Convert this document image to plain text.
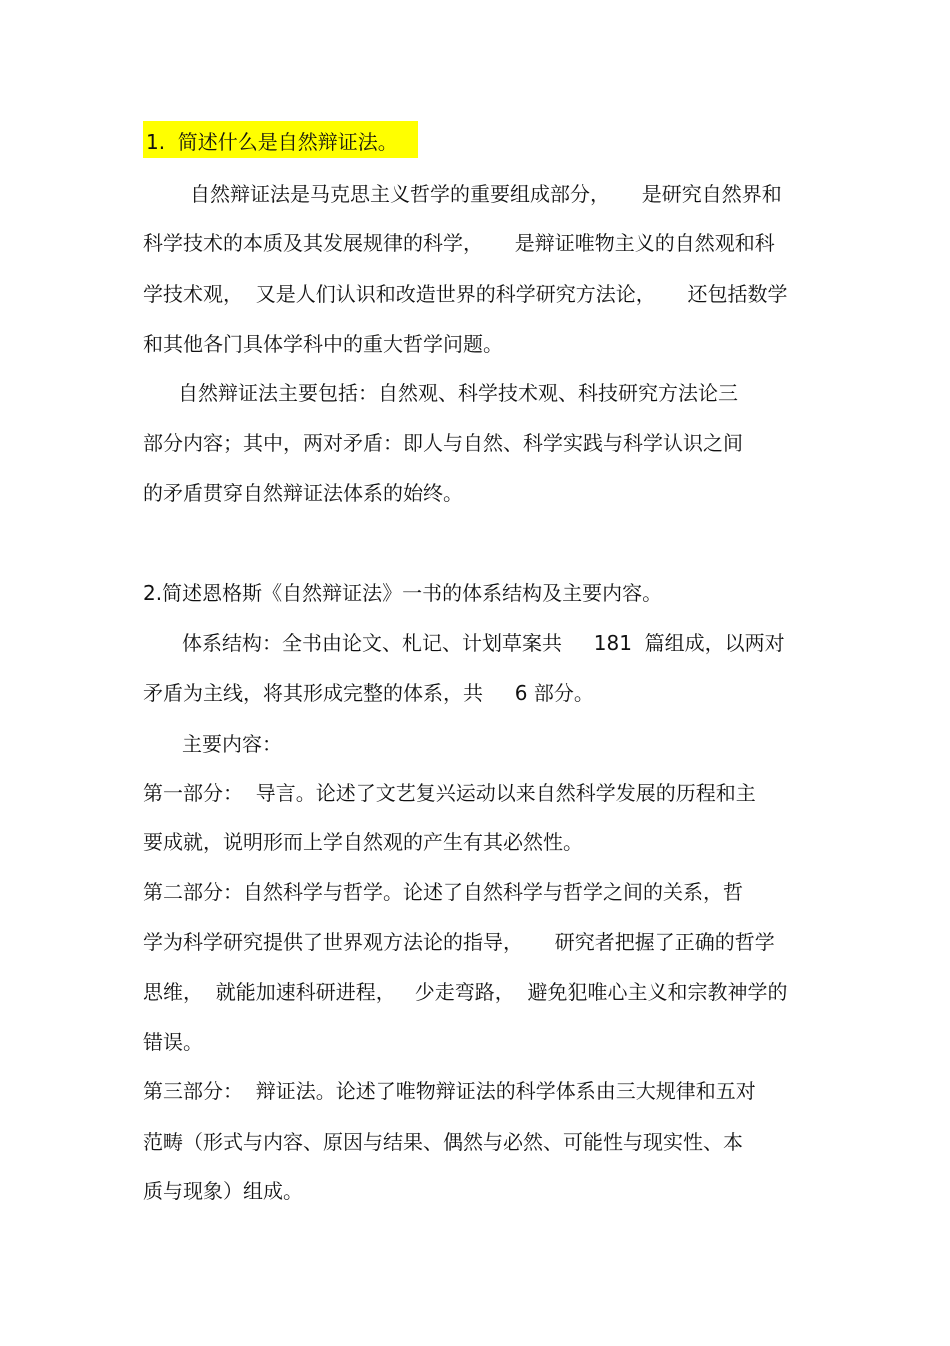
1.  简述什么是自然辩证法。

自然辩证法是马克思主义哲学的重要组成部分，     是研究自然界和

科学技术的本质及其发展规律的科学，     是辩证唯物主义的自然观和科

学技术观，  又是人们认识和改造世界的科学研究方法论，     还包括数学

和其他各门具体学科中的重大哲学问题。

自然辩证法主要包括：自然观、科学技术观、科技研究方法论三

部分内容；其中，两对矛盾：即人与自然、科学实践与科学认识之间

的矛盾贯穿自然辩证法体系的始终。

2.简述恩格斯《自然辩证法》一书的体系结构及主要内容。

体系结构：全书由论文、札记、计划草案共     181  篇组成，以两对

矛盾为主线，将其形成完整的体系，共     6 部分。

主要内容：

第一部分：  导言。论述了文艺复兴运动以来自然科学发展的历程和主

要成就，说明形而上学自然观的产生有其必然性。

第二部分：自然科学与哲学。论述了自然科学与哲学之间的关系，哲

学为科学研究提供了世界观方法论的指导，     研究者把握了正确的哲学

思维，  就能加速科研进程，   少走弯路，  避免犯唯心主义和宗教神学的

错误。

第三部分：  辩证法。论述了唯物辩证法的科学体系由三大规律和五对

范畴（形式与内容、原因与结果、偶然与必然、可能性与现实性、本

质与现象）组成。
